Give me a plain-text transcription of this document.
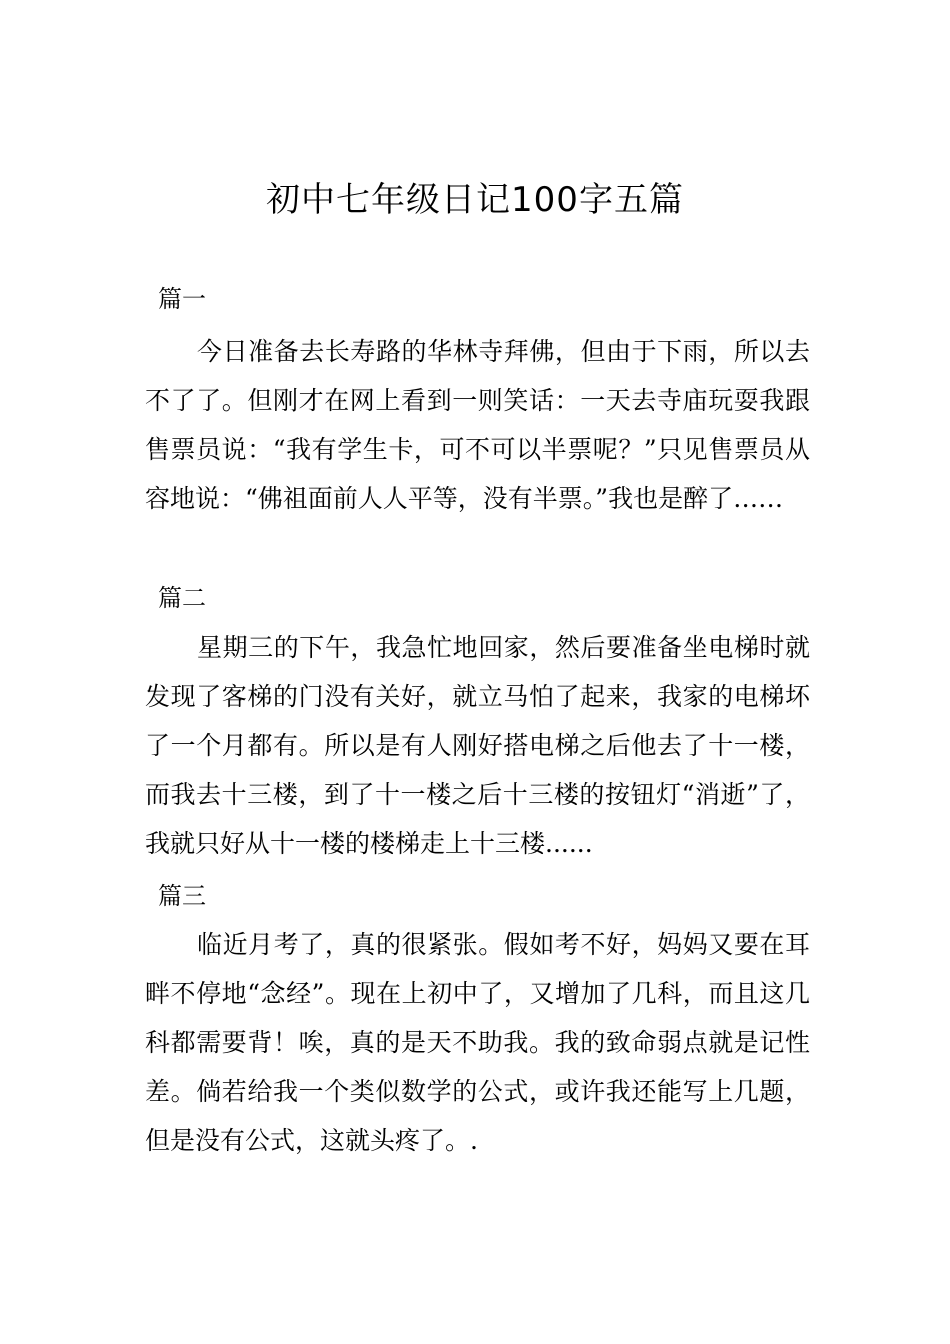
初中七年级日记100字五篇
篇一

今日准备去长寿路的华林寺拜佛，但由于下雨，所以去不了了。但刚才在网上看到一则笑话：一天去寺庙玩耍我跟售票员说：“我有学生卡，可不可以半票呢？”只见售票员从容地说：“佛祖面前人人平等，没有半票。”我也是醉了……

篇二

星期三的下午，我急忙地回家，然后要准备坐电梯时就发现了客梯的门没有关好，就立马怕了起来，我家的电梯坏了一个月都有。所以是有人刚好搭电梯之后他去了十一楼，而我去十三楼，到了十一楼之后十三楼的按钮灯“消逝”了，我就只好从十一楼的楼梯走上十三楼......

篇三

临近月考了，真的很紧张。假如考不好，妈妈又要在耳畔不停地“念经”。现在上初中了，又增加了几科，而且这几科都需要背！唉，真的是天不助我。我的致命弱点就是记性差。倘若给我一个类似数学的公式，或许我还能写上几题，但是没有公式，这就头疼了。.
